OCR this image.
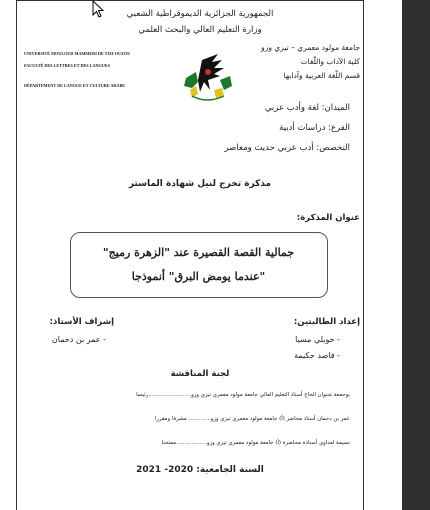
الجمهورية الجزائرية الديموقراطية الشعبي
وزارة التعليم العالي والبحث العلمي
جامعة مولود معمري – تيزي وزو
كلية الآداب واللّغات
قسم اللّغة العربية وآدابها
UNIVERSITÉ MOULOUD MAMMERI DE TIZI-OUZOU
FACULTÉ DES LETTRES ET DES LANGUES
DÉPARTEMENT DE LANGUE ET CULTURE ARABE
الميدان: لغة وأدب عربي
الفرع: دراسات أدبية
التخصص: أدب عربي حديث ومعاصر
مذكرة تخرج لنيل شهادة الماستر
عنوان المذكرة:
جمالية القصة القصيرة عند "الزهرة رميج"
"عندما يومض البرق" أنموذجا
إعداد الطالبتين:
- حويلي مسيا
- قاصد حكيمة
إشراف الأستاذ:
- عمر بن دحمان
لجنة المناقشة
بوجمعة شتوان الحاج أستاذ التعليم العالي جامعة مولود معمري تيزي وزو.........................رئيسا
عمر بن دحمان أستاذ محاضر (أ) جامعة مولود معمري تيزي وزو............. مشرفا ومقررا
نسيمة لعداوي أستاذة محاضرة (أ) جامعة مولود معمري تيزي وزو..................ممتحنا
السنة الجامعية: 2020- 2021
